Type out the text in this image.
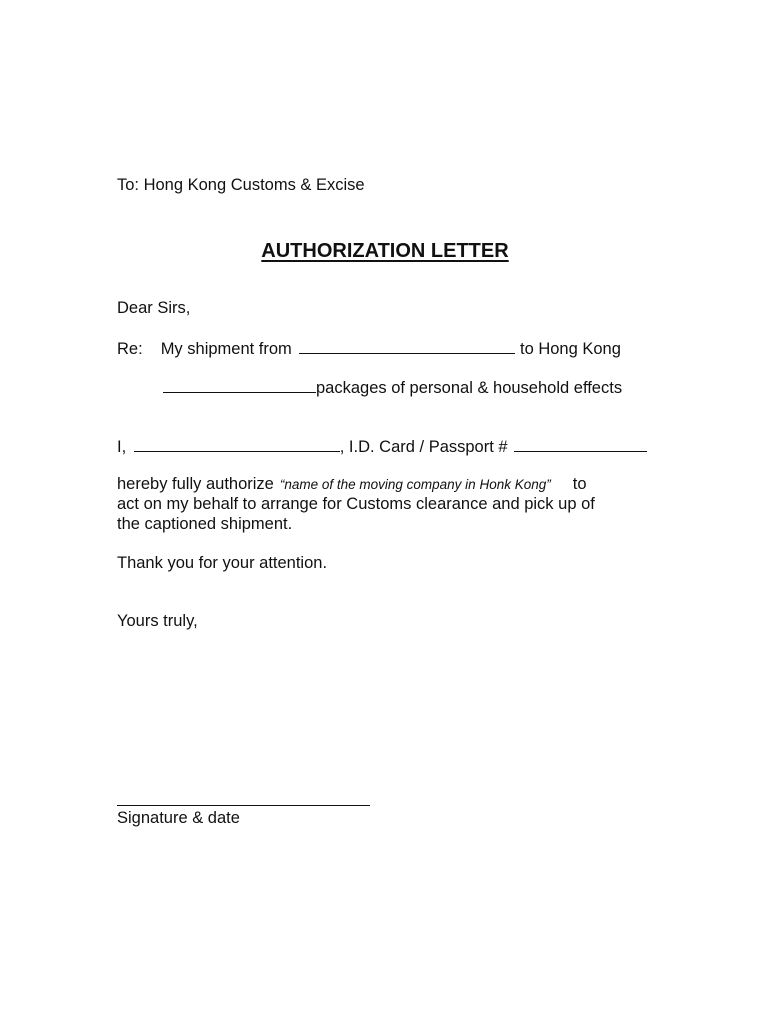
To: Hong Kong Customs & Excise
AUTHORIZATION LETTER
Dear Sirs,
Re: My shipment from	to Hong Kong
packages of personal & household effects
I,	, I.D. Card / Passport #
hereby fully authorize “name of the moving company in Honk Kong” to
act on my behalf to arrange for Customs clearance and pick up of
the captioned shipment.
Thank you for your attention.
Yours truly,
Signature & date
